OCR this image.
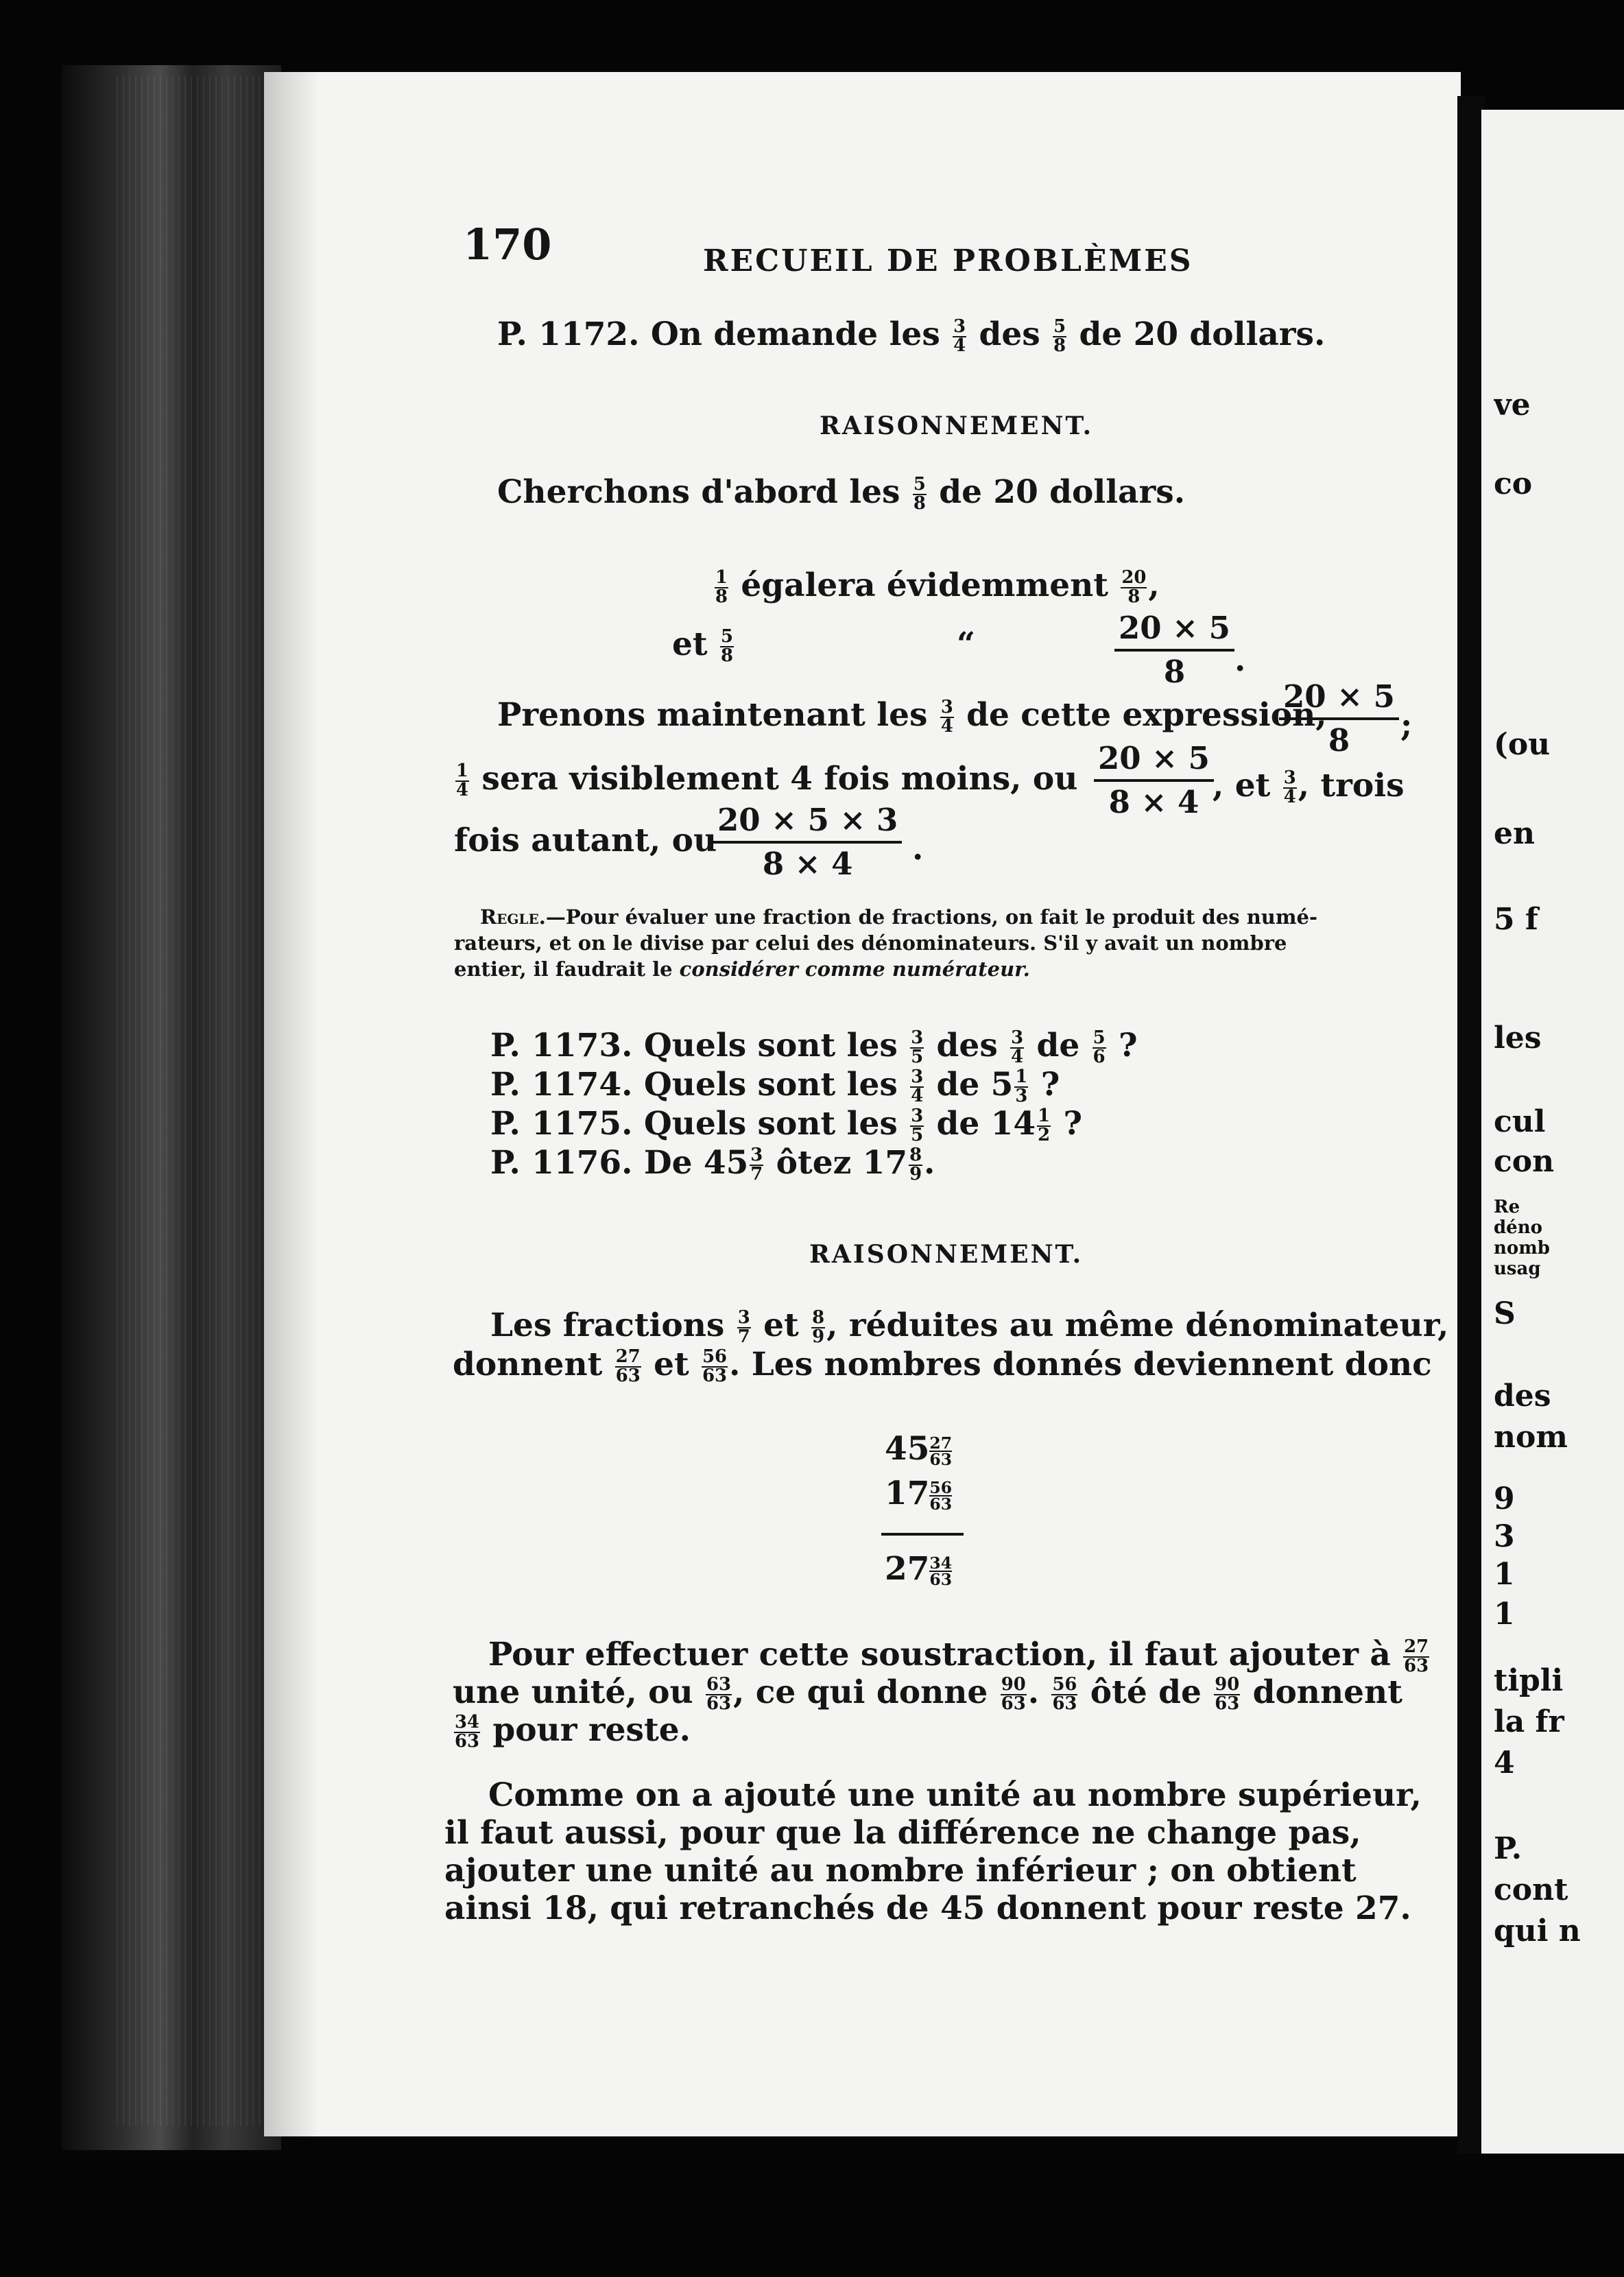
170	RECUEIL DE PROBLÈMES
P. 1172. On demande les $\frac{3}{4}$ des $\frac{5}{8}$ de 20 dollars.
RAISONNEMENT.
Cherchons d'abord les $\frac{5}{8}$ de 20 dollars.
$\frac{1}{8}$ égalera évidemment $\frac{20}{8}$ ,
et $\frac{5}{8}$	“	$\frac{20 \times 5}{8}$ .
Prenons maintenant les $\frac{3}{4}$ de cette expression,
$\frac{20 \times 5}{8}$ ;
$\frac{1}{4}$ sera visiblement 4 fois moins, ou $\frac{20 \times 5}{8 \times 4}$
, et $\frac{3}{4}$ , trois
fois autant, ou
$\frac{20 \times 5 \times 3}{8 \times 4}$ .
Regle.—Pour évaluer une fraction de fractions, on fait le produit des numé-
rateurs, et on le divise par celui des dénominateurs. S'il y avait un nombre
entier, il faudrait le considérer comme numérateur.
P. 1173. Quels sont les $\frac{3}{5}$ des $\frac{3}{4}$ de $\frac{5}{6}$ ?
P. 1174. Quels sont les $\frac{3}{4}$ de $5 \frac{1}{3}$ ?
P. 1175. Quels sont les $\frac{3}{5}$ de $14 \frac{1}{2}$ ?
P. 1176. De $45 \frac{3}{7}$ ôtez $17 \frac{8}{9}$ .
RAISONNEMENT.
Les fractions $\frac{3}{7}$ et $\frac{8}{9}$ , réduites au même dénominateur,
donnent $\frac{27}{63}$ et $\frac{56}{63}$ . Les nombres donnés deviennent donc
$45 \frac{27}{63}$
$17 \frac{56}{63}$
$27 \frac{34}{63}$
Pour effectuer cette soustraction, il faut ajouter à $\frac{27}{63}$
une unité, ou $\frac{63}{63}$ , ce qui donne $\frac{90}{63}$ . $\frac{56}{63}$ ôté de $\frac{90}{63}$ donnent
$\frac{34}{63}$ pour reste.
Comme on a ajouté une unité au nombre supérieur,
il faut aussi, pour que la différence ne change pas,
ajouter une unité au nombre inférieur ; on obtient
ainsi 18, qui retranchés de 45 donnent pour reste 27.
ve
co
(ou
en
5 f
les
cul
con
Re
déno
nomb
usag
S
des
nom
9
3
1
1
tipli
la fr
4
P.
cont
qui n
